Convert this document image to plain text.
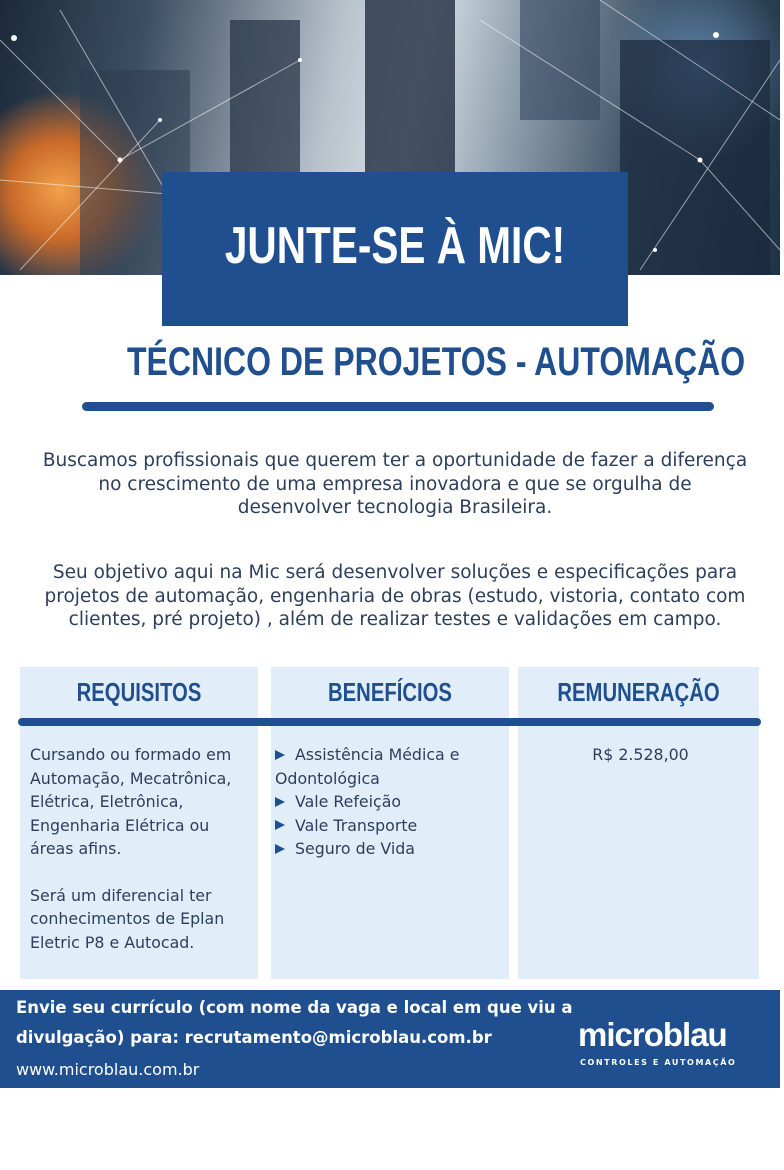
JUNTE-SE À MIC!
TÉCNICO DE PROJETOS - AUTOMAÇÃO
Buscamos profissionais que querem ter a oportunidade de fazer a diferença no crescimento de uma empresa inovadora e que se orgulha de desenvolver tecnologia Brasileira.
Seu objetivo aqui na Mic será desenvolver soluções e especificações para projetos de automação, engenharia de obras (estudo, vistoria, contato com clientes, pré projeto) , além de realizar testes e validações em campo.
REQUISITOS

Cursando ou formado em Automação, Mecatrônica, Elétrica, Eletrônica, Engenharia Elétrica ou áreas afins.

Será um diferencial ter conhecimentos de Eplan Eletric P8 e Autocad.

BENEFÍCIOS

Assistência Médica e Odontológica

Vale Refeição

Vale Transporte

Seguro de Vida

REMUNERAÇÃO
R$ 2.528,00
Envie seu currículo (com nome da vaga e local em que viu a
divulgação) para: recrutamento@microblau.com.br
www.microblau.com.br
microblau
CONTROLES E AUTOMAÇÃO
